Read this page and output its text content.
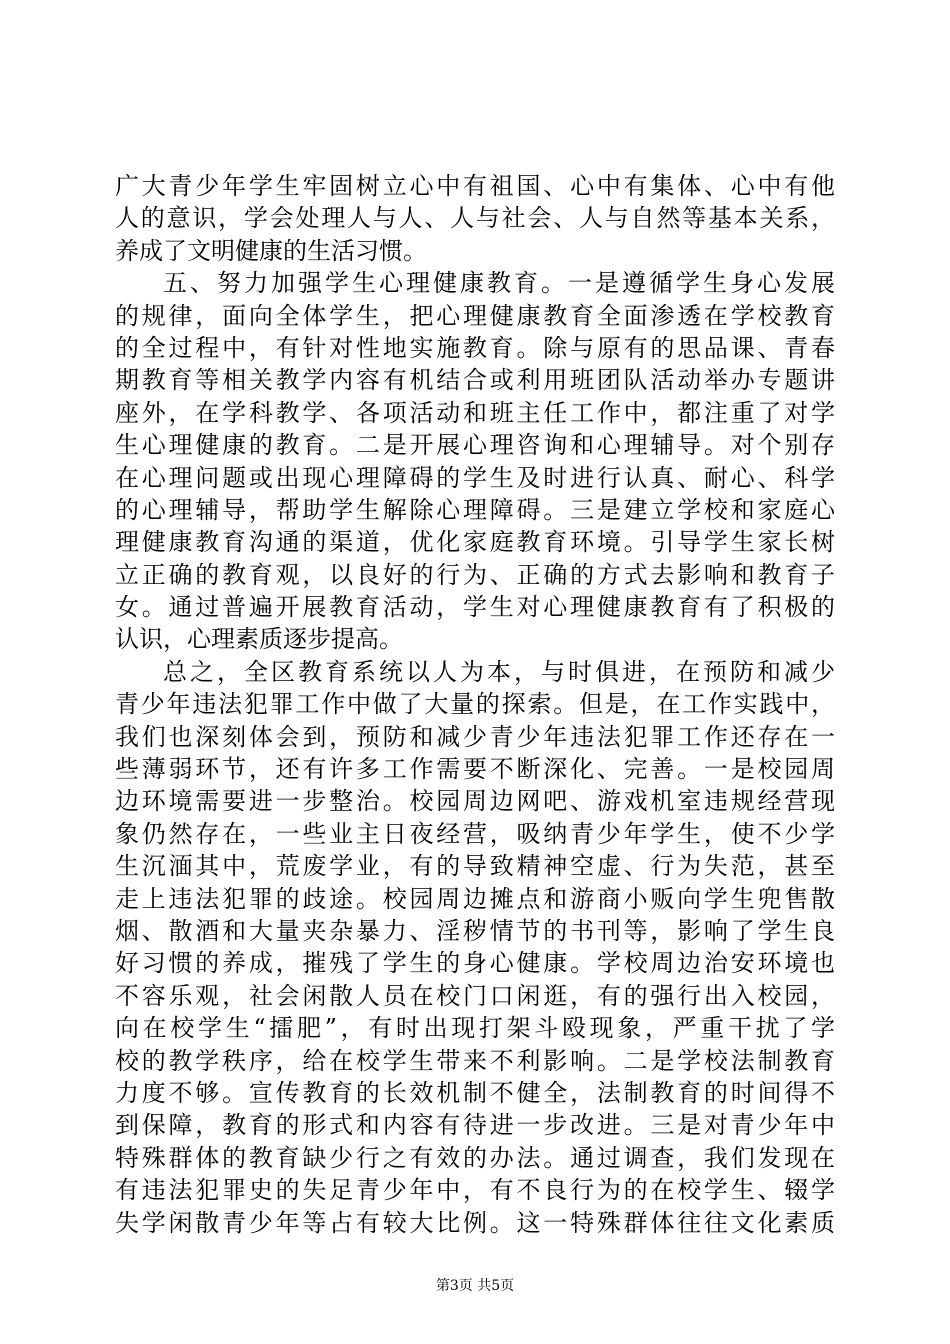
广大青少年学生牢固树立心中有祖国、心中有集体、心中有他
人的意识，学会处理人与人、人与社会、人与自然等基本关系，
养成了文明健康的生活习惯。
五、努力加强学生心理健康教育。一是遵循学生身心发展
的规律，面向全体学生，把心理健康教育全面渗透在学校教育
的全过程中，有针对性地实施教育。除与原有的思品课、青春
期教育等相关教学内容有机结合或利用班团队活动举办专题讲
座外，在学科教学、各项活动和班主任工作中，都注重了对学
生心理健康的教育。二是开展心理咨询和心理辅导。对个别存
在心理问题或出现心理障碍的学生及时进行认真、耐心、科学
的心理辅导，帮助学生解除心理障碍。三是建立学校和家庭心
理健康教育沟通的渠道，优化家庭教育环境。引导学生家长树
立正确的教育观，以良好的行为、正确的方式去影响和教育子
女。通过普遍开展教育活动，学生对心理健康教育有了积极的
认识，心理素质逐步提高。
总之，全区教育系统以人为本，与时俱进，在预防和减少
青少年违法犯罪工作中做了大量的探索。但是，在工作实践中，
我们也深刻体会到，预防和减少青少年违法犯罪工作还存在一
些薄弱环节，还有许多工作需要不断深化、完善。一是校园周
边环境需要进一步整治。校园周边网吧、游戏机室违规经营现
象仍然存在，一些业主日夜经营，吸纳青少年学生，使不少学
生沉湎其中，荒废学业，有的导致精神空虚、行为失范，甚至
走上违法犯罪的歧途。校园周边摊点和游商小贩向学生兜售散
烟、散酒和大量夹杂暴力、淫秽情节的书刊等，影响了学生良
好习惯的养成，摧残了学生的身心健康。学校周边治安环境也
不容乐观，社会闲散人员在校门口闲逛，有的强行出入校园，
向在校学生“擂肥”，有时出现打架斗殴现象，严重干扰了学
校的教学秩序，给在校学生带来不利影响。二是学校法制教育
力度不够。宣传教育的长效机制不健全，法制教育的时间得不
到保障，教育的形式和内容有待进一步改进。三是对青少年中
特殊群体的教育缺少行之有效的办法。通过调查，我们发现在
有违法犯罪史的失足青少年中，有不良行为的在校学生、辍学
失学闲散青少年等占有较大比例。这一特殊群体往往文化素质
第3页 共5页
